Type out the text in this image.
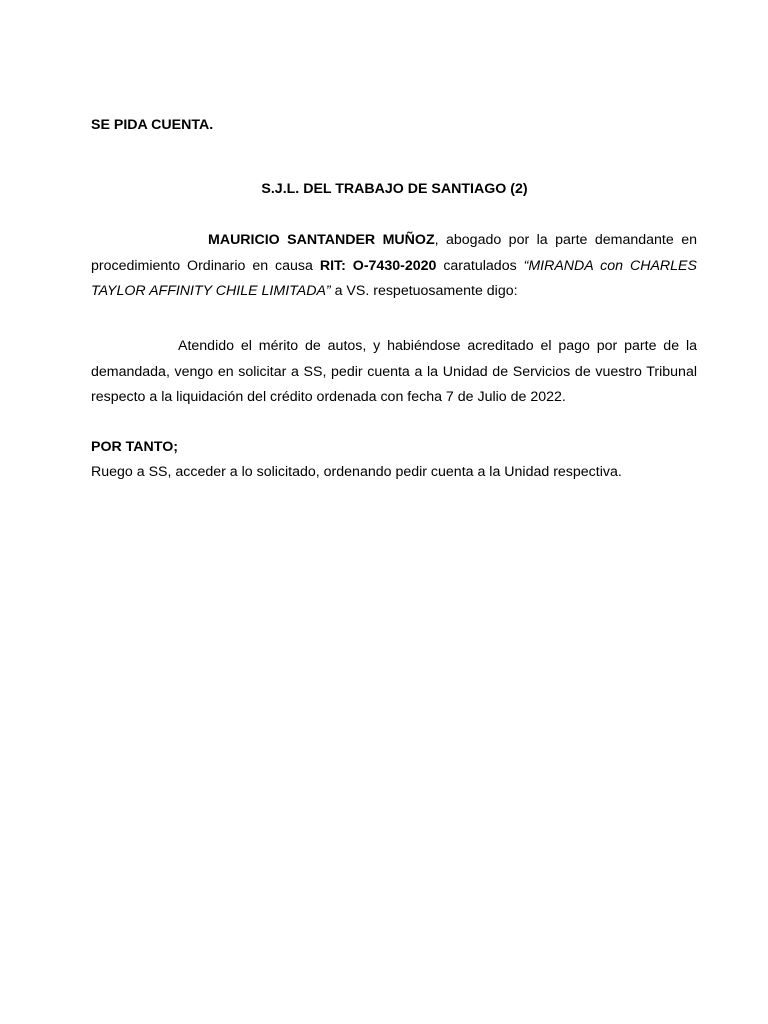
SE PIDA CUENTA.
S.J.L. DEL TRABAJO DE SANTIAGO (2)

MAURICIO SANTANDER MUÑOZ, abogado por la parte demandante en procedimiento Ordinario en causa RIT: O-7430-2020 caratulados “MIRANDA con CHARLES TAYLOR AFFINITY CHILE LIMITADA” a VS. respetuosamente digo:

Atendido el mérito de autos, y habiéndose acreditado el pago por parte de la demandada, vengo en solicitar a SS, pedir cuenta a la Unidad de Servicios de vuestro Tribunal respecto a la liquidación del crédito ordenada con fecha 7 de Julio de 2022.

POR TANTO;
Ruego a SS, acceder a lo solicitado, ordenando pedir cuenta a la Unidad respectiva.
